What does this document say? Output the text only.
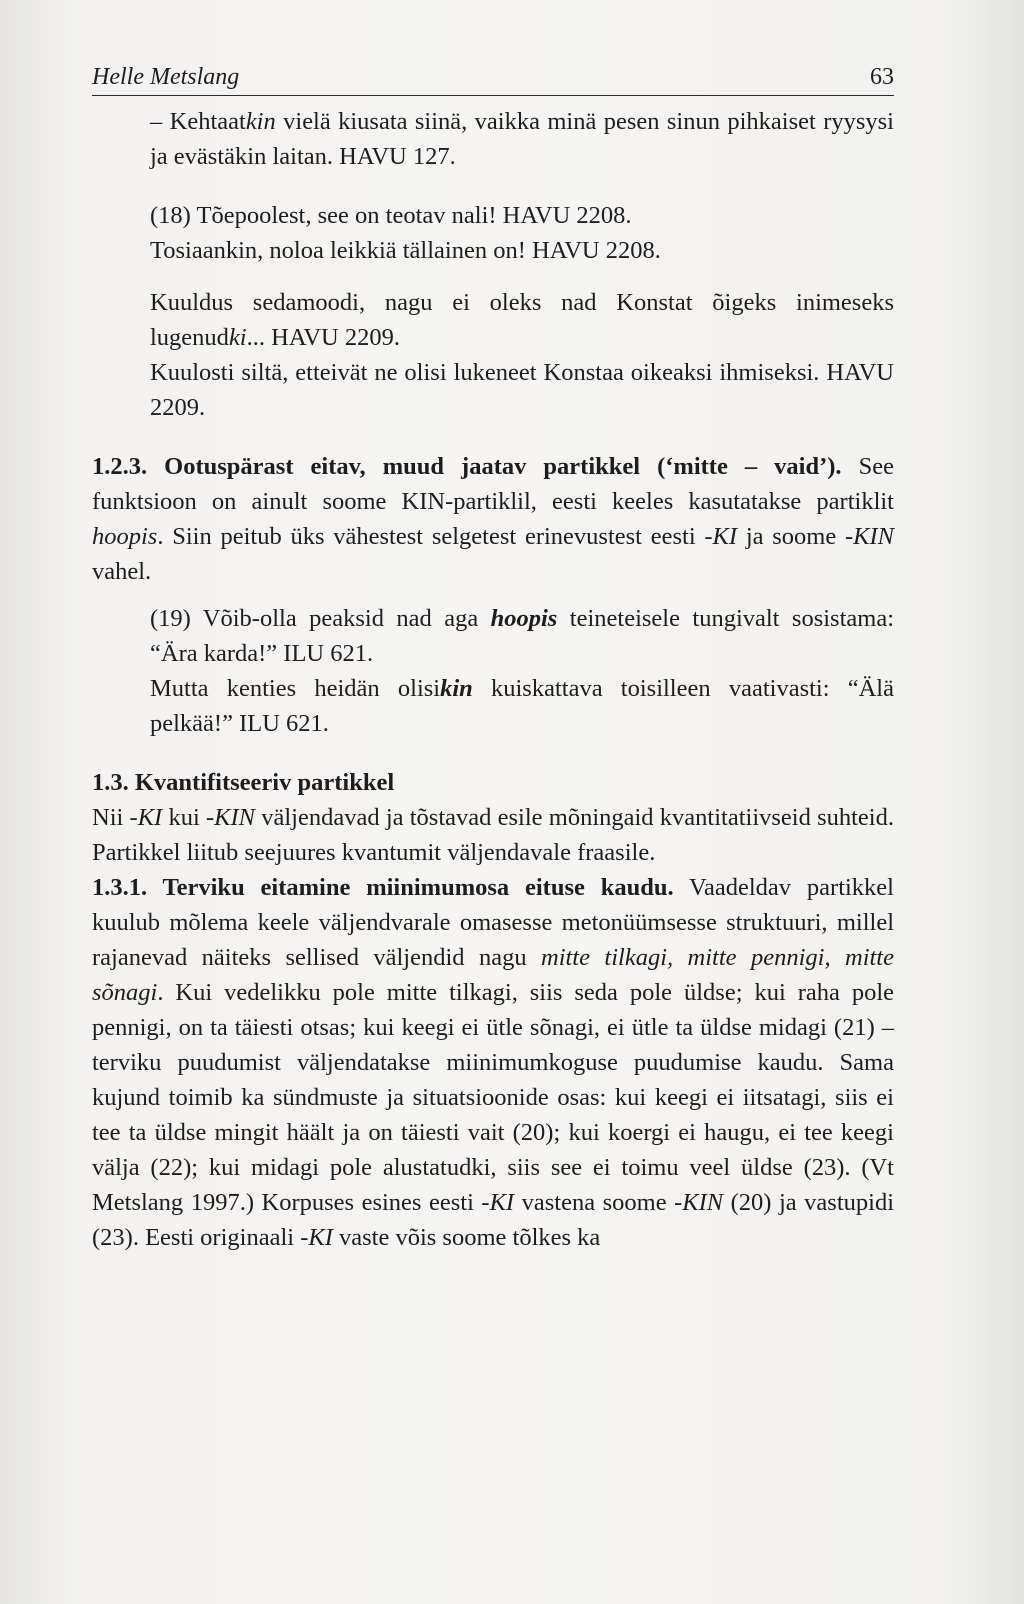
Helle Metslang	63

– Kehtaatkin vielä kiusata siinä, vaikka minä pesen sinun pihkaiset ryysysi ja evästäkin laitan. HAVU 127.

(18) Tõepoolest, see on teotav nali! HAVU 2208.

Tosiaankin, noloa leikkiä tällainen on! HAVU 2208.

Kuuldus sedamoodi, nagu ei oleks nad Konstat õigeks inimeseks lugenudki... HAVU 2209.

Kuulosti siltä, etteivät ne olisi lukeneet Konstaa oikeaksi ihmiseksi. HAVU 2209.

1.2.3. Ootuspärast eitav, muud jaatav partikkel (‘mitte – vaid’). See funktsioon on ainult soome KIN-partiklil, eesti keeles kasutatakse partiklit hoopis. Siin peitub üks vähestest selgetest erinevustest eesti -KI ja soome -KIN vahel.

(19) Võib-olla peaksid nad aga hoopis teineteisele tungivalt sosistama: “Ära karda!” ILU 621.

Mutta kenties heidän olisikin kuiskattava toisilleen vaativasti: “Älä pelkää!” ILU 621.

1.3. Kvantifitseeriv partikkel

Nii -KI kui -KIN väljendavad ja tõstavad esile mõningaid kvantitatiivseid suhteid. Partikkel liitub seejuures kvantumit väljendavale fraasile.

1.3.1. Terviku eitamine miinimumosa eituse kaudu. Vaadeldav partikkel kuulub mõlema keele väljendvarale omasesse metonüümsesse struktuuri, millel rajanevad näiteks sellised väljendid nagu mitte tilkagi, mitte pennigi, mitte sõnagi. Kui vedelikku pole mitte tilkagi, siis seda pole üldse; kui raha pole pennigi, on ta täiesti otsas; kui keegi ei ütle sõnagi, ei ütle ta üldse midagi (21) – terviku puudumist väljendatakse miinimumkoguse puudumise kaudu. Sama kujund toimib ka sündmuste ja situatsioonide osas: kui keegi ei iitsatagi, siis ei tee ta üldse mingit häält ja on täiesti vait (20); kui koergi ei haugu, ei tee keegi välja (22); kui midagi pole alustatudki, siis see ei toimu veel üldse (23). (Vt Metslang 1997.) Korpuses esines eesti -KI vastena soome -KIN (20) ja vastupidi (23). Eesti originaali -KI vaste võis soome tõlkes ka
